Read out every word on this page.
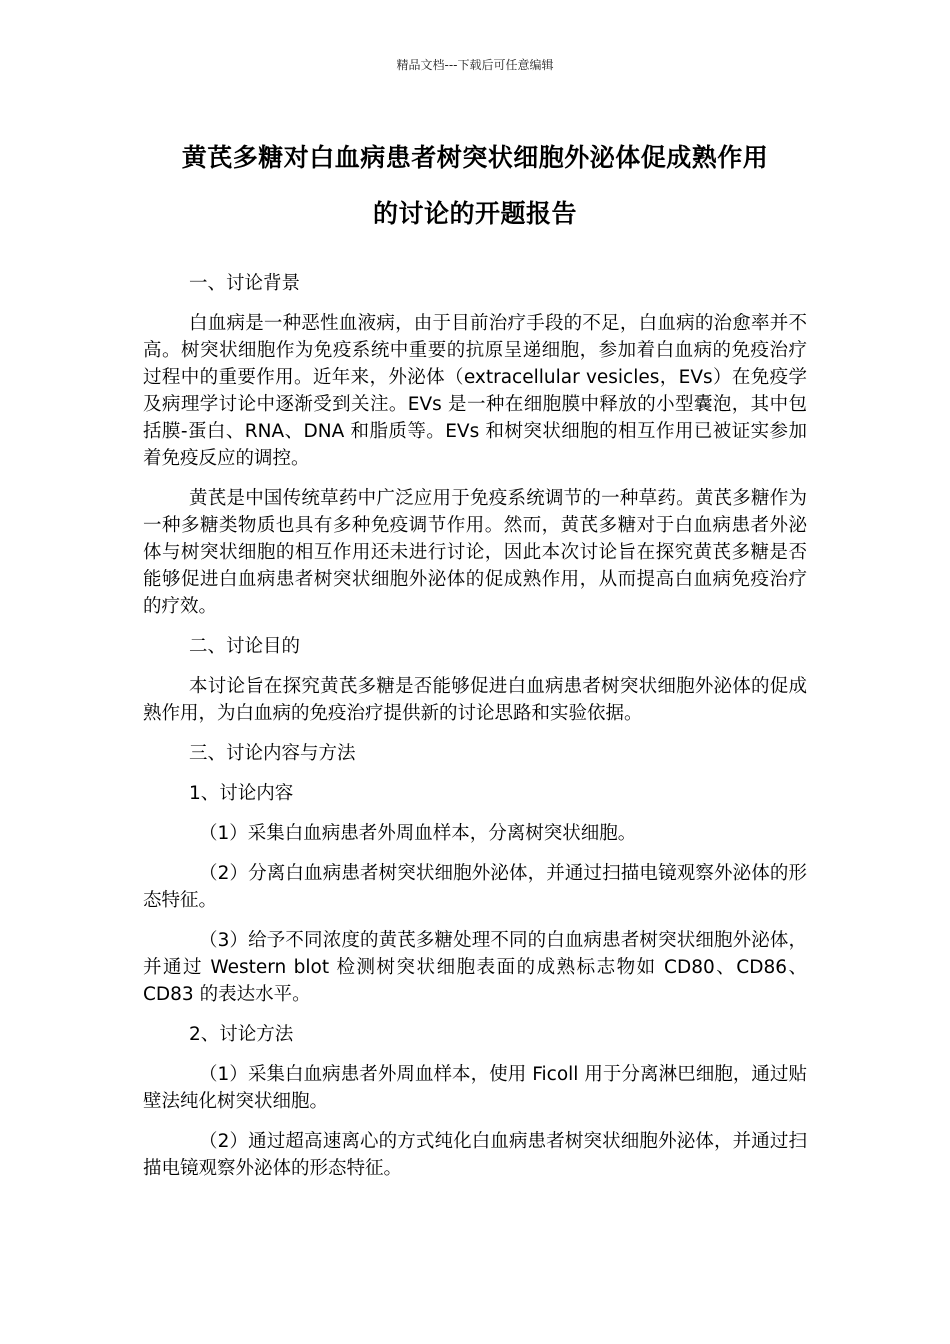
精品文档---下载后可任意编辑
黄芪多糖对白血病患者树突状细胞外泌体促成熟作用
的讨论的开题报告

一、讨论背景

白血病是一种恶性血液病，由于目前治疗手段的不足，白血病的治愈率并不高。树突状细胞作为免疫系统中重要的抗原呈递细胞，参加着白血病的免疫治疗过程中的重要作用。近年来，外泌体（extracellular vesicles，EVs）在免疫学及病理学讨论中逐渐受到关注。EVs 是一种在细胞膜中释放的小型囊泡，其中包括膜-蛋白、RNA、DNA 和脂质等。EVs 和树突状细胞的相互作用已被证实参加着免疫反应的调控。

黄芪是中国传统草药中广泛应用于免疫系统调节的一种草药。黄芪多糖作为一种多糖类物质也具有多种免疫调节作用。然而，黄芪多糖对于白血病患者外泌体与树突状细胞的相互作用还未进行讨论，因此本次讨论旨在探究黄芪多糖是否能够促进白血病患者树突状细胞外泌体的促成熟作用，从而提高白血病免疫治疗的疗效。

二、讨论目的

本讨论旨在探究黄芪多糖是否能够促进白血病患者树突状细胞外泌体的促成熟作用，为白血病的免疫治疗提供新的讨论思路和实验依据。

三、讨论内容与方法

1、讨论内容

（1）采集白血病患者外周血样本，分离树突状细胞。

（2）分离白血病患者树突状细胞外泌体，并通过扫描电镜观察外泌体的形态特征。

（3）给予不同浓度的黄芪多糖处理不同的白血病患者树突状细胞外泌体，并通过 Western blot 检测树突状细胞表面的成熟标志物如 CD80、CD86、CD83 的表达水平。

2、讨论方法

（1）采集白血病患者外周血样本，使用 Ficoll 用于分离淋巴细胞，通过贴壁法纯化树突状细胞。

（2）通过超高速离心的方式纯化白血病患者树突状细胞外泌体，并通过扫描电镜观察外泌体的形态特征。
